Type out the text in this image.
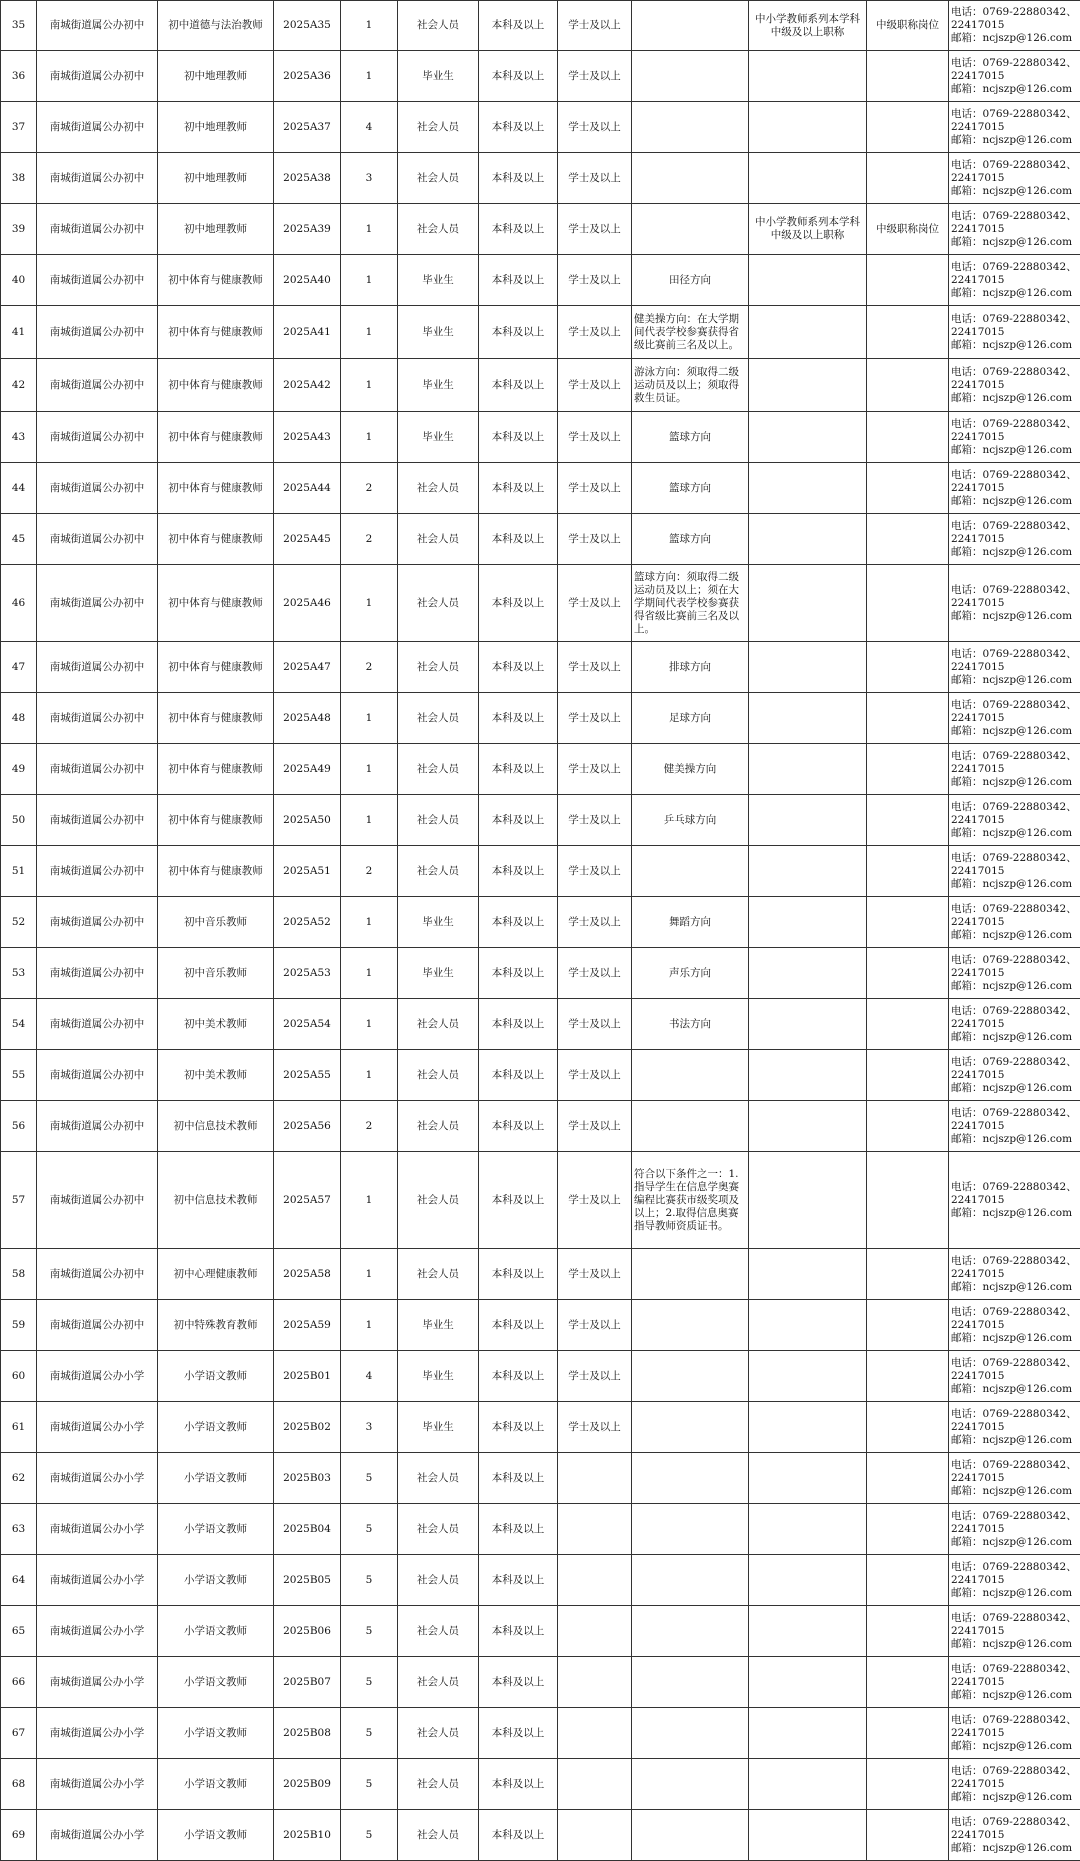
35	南城街道属公办初中	初中道德与法治教师	2025A35	1	社会人员	本科及以上	学士及以上		中小学教师系列本学科中级及以上职称	中级职称岗位	电话：0769-22880342、
22417015
邮箱：ncjszp@126.com

36	南城街道属公办初中	初中地理教师	2025A36	1	毕业生	本科及以上	学士及以上				电话：0769-22880342、
22417015
邮箱：ncjszp@126.com

37	南城街道属公办初中	初中地理教师	2025A37	4	社会人员	本科及以上	学士及以上				电话：0769-22880342、
22417015
邮箱：ncjszp@126.com

38	南城街道属公办初中	初中地理教师	2025A38	3	社会人员	本科及以上	学士及以上				电话：0769-22880342、
22417015
邮箱：ncjszp@126.com

39	南城街道属公办初中	初中地理教师	2025A39	1	社会人员	本科及以上	学士及以上		中小学教师系列本学科中级及以上职称	中级职称岗位	电话：0769-22880342、
22417015
邮箱：ncjszp@126.com

40	南城街道属公办初中	初中体育与健康教师	2025A40	1	毕业生	本科及以上	学士及以上	田径方向			电话：0769-22880342、
22417015
邮箱：ncjszp@126.com

41	南城街道属公办初中	初中体育与健康教师	2025A41	1	毕业生	本科及以上	学士及以上	健美操方向：在大学期间代表学校参赛获得省级比赛前三名及以上。			电话：0769-22880342、
22417015
邮箱：ncjszp@126.com

42	南城街道属公办初中	初中体育与健康教师	2025A42	1	毕业生	本科及以上	学士及以上	游泳方向：须取得二级运动员及以上；须取得救生员证。			电话：0769-22880342、
22417015
邮箱：ncjszp@126.com

43	南城街道属公办初中	初中体育与健康教师	2025A43	1	毕业生	本科及以上	学士及以上	篮球方向			电话：0769-22880342、
22417015
邮箱：ncjszp@126.com

44	南城街道属公办初中	初中体育与健康教师	2025A44	2	社会人员	本科及以上	学士及以上	篮球方向			电话：0769-22880342、
22417015
邮箱：ncjszp@126.com

45	南城街道属公办初中	初中体育与健康教师	2025A45	2	社会人员	本科及以上	学士及以上	篮球方向			电话：0769-22880342、
22417015
邮箱：ncjszp@126.com

46	南城街道属公办初中	初中体育与健康教师	2025A46	1	社会人员	本科及以上	学士及以上	篮球方向：须取得二级运动员及以上；须在大学期间代表学校参赛获得省级比赛前三名及以上。			电话：0769-22880342、
22417015
邮箱：ncjszp@126.com

47	南城街道属公办初中	初中体育与健康教师	2025A47	2	社会人员	本科及以上	学士及以上	排球方向			电话：0769-22880342、
22417015
邮箱：ncjszp@126.com

48	南城街道属公办初中	初中体育与健康教师	2025A48	1	社会人员	本科及以上	学士及以上	足球方向			电话：0769-22880342、
22417015
邮箱：ncjszp@126.com

49	南城街道属公办初中	初中体育与健康教师	2025A49	1	社会人员	本科及以上	学士及以上	健美操方向			电话：0769-22880342、
22417015
邮箱：ncjszp@126.com

50	南城街道属公办初中	初中体育与健康教师	2025A50	1	社会人员	本科及以上	学士及以上	乒乓球方向			电话：0769-22880342、
22417015
邮箱：ncjszp@126.com

51	南城街道属公办初中	初中体育与健康教师	2025A51	2	社会人员	本科及以上	学士及以上				电话：0769-22880342、
22417015
邮箱：ncjszp@126.com

52	南城街道属公办初中	初中音乐教师	2025A52	1	毕业生	本科及以上	学士及以上	舞蹈方向			电话：0769-22880342、
22417015
邮箱：ncjszp@126.com

53	南城街道属公办初中	初中音乐教师	2025A53	1	毕业生	本科及以上	学士及以上	声乐方向			电话：0769-22880342、
22417015
邮箱：ncjszp@126.com

54	南城街道属公办初中	初中美术教师	2025A54	1	社会人员	本科及以上	学士及以上	书法方向			电话：0769-22880342、
22417015
邮箱：ncjszp@126.com

55	南城街道属公办初中	初中美术教师	2025A55	1	社会人员	本科及以上	学士及以上				电话：0769-22880342、
22417015
邮箱：ncjszp@126.com

56	南城街道属公办初中	初中信息技术教师	2025A56	2	社会人员	本科及以上	学士及以上				电话：0769-22880342、
22417015
邮箱：ncjszp@126.com

57	南城街道属公办初中	初中信息技术教师	2025A57	1	社会人员	本科及以上	学士及以上	符合以下条件之一：1.指导学生在信息学奥赛编程比赛获市级奖项及以上；2.取得信息奥赛指导教师资质证书。			电话：0769-22880342、
22417015
邮箱：ncjszp@126.com

58	南城街道属公办初中	初中心理健康教师	2025A58	1	社会人员	本科及以上	学士及以上				电话：0769-22880342、
22417015
邮箱：ncjszp@126.com

59	南城街道属公办初中	初中特殊教育教师	2025A59	1	毕业生	本科及以上	学士及以上				电话：0769-22880342、
22417015
邮箱：ncjszp@126.com

60	南城街道属公办小学	小学语文教师	2025B01	4	毕业生	本科及以上	学士及以上				电话：0769-22880342、
22417015
邮箱：ncjszp@126.com

61	南城街道属公办小学	小学语文教师	2025B02	3	毕业生	本科及以上	学士及以上				电话：0769-22880342、
22417015
邮箱：ncjszp@126.com

62	南城街道属公办小学	小学语文教师	2025B03	5	社会人员	本科及以上					电话：0769-22880342、
22417015
邮箱：ncjszp@126.com

63	南城街道属公办小学	小学语文教师	2025B04	5	社会人员	本科及以上					电话：0769-22880342、
22417015
邮箱：ncjszp@126.com

64	南城街道属公办小学	小学语文教师	2025B05	5	社会人员	本科及以上					电话：0769-22880342、
22417015
邮箱：ncjszp@126.com

65	南城街道属公办小学	小学语文教师	2025B06	5	社会人员	本科及以上					电话：0769-22880342、
22417015
邮箱：ncjszp@126.com

66	南城街道属公办小学	小学语文教师	2025B07	5	社会人员	本科及以上					电话：0769-22880342、
22417015
邮箱：ncjszp@126.com

67	南城街道属公办小学	小学语文教师	2025B08	5	社会人员	本科及以上					电话：0769-22880342、
22417015
邮箱：ncjszp@126.com

68	南城街道属公办小学	小学语文教师	2025B09	5	社会人员	本科及以上					电话：0769-22880342、
22417015
邮箱：ncjszp@126.com

69	南城街道属公办小学	小学语文教师	2025B10	5	社会人员	本科及以上					电话：0769-22880342、
22417015
邮箱：ncjszp@126.com
